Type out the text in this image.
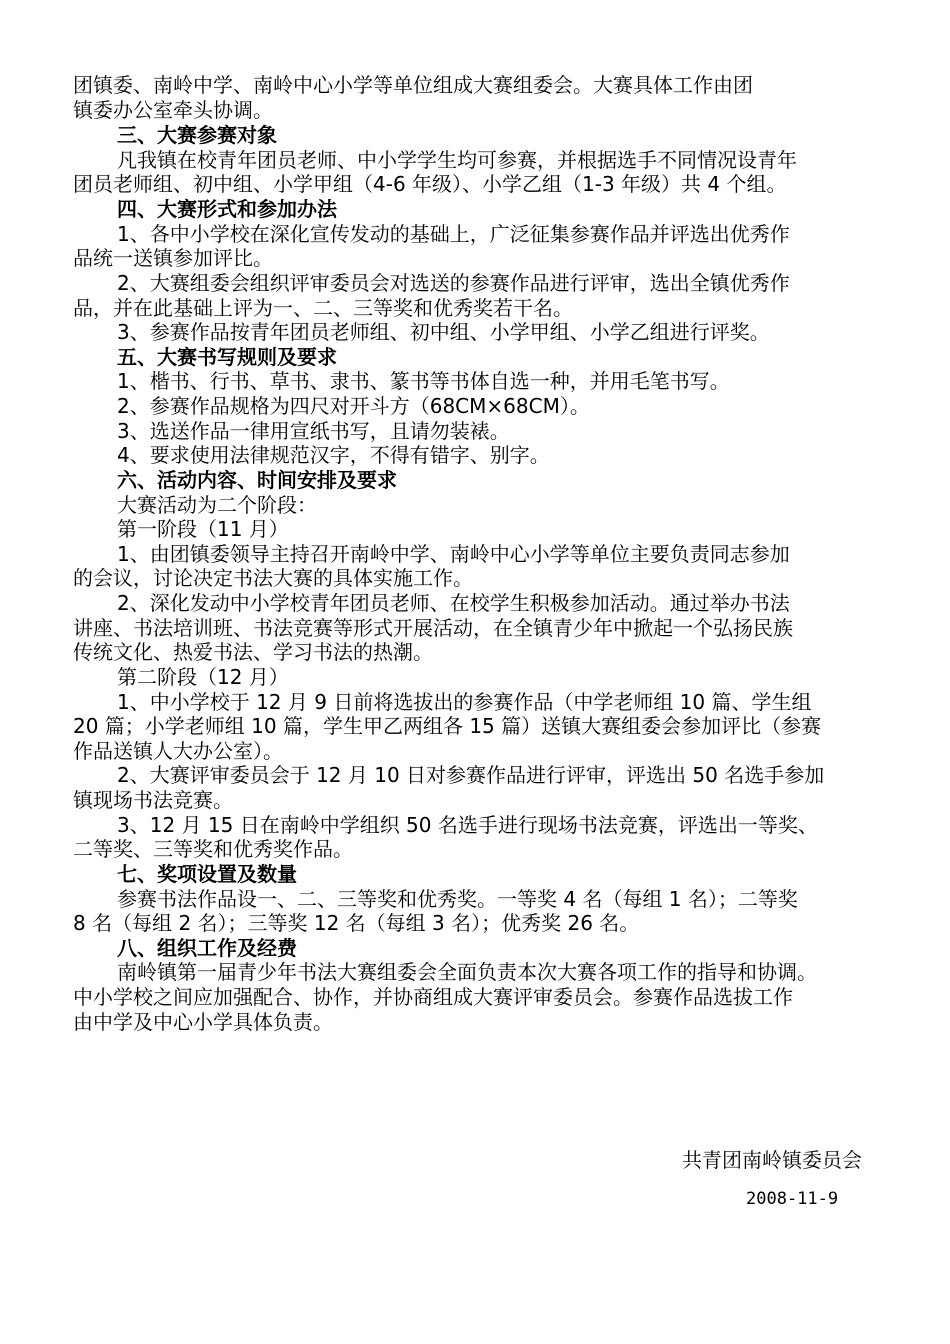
团镇委、南岭中学、南岭中心小学等单位组成大赛组委会。大赛具体工作由团
镇委办公室牵头协调。
三、大赛参赛对象
凡我镇在校青年团员老师、中小学学生均可参赛，并根据选手不同情况设青年
团员老师组、初中组、小学甲组（4-6 年级）、小学乙组（1-3 年级）共 4 个组。
四、大赛形式和参加办法
1、各中小学校在深化宣传发动的基础上，广泛征集参赛作品并评选出优秀作
品统一送镇参加评比。
2、大赛组委会组织评审委员会对选送的参赛作品进行评审，选出全镇优秀作
品，并在此基础上评为一、二、三等奖和优秀奖若干名。
3、参赛作品按青年团员老师组、初中组、小学甲组、小学乙组进行评奖。
五、大赛书写规则及要求
1、楷书、行书、草书、隶书、篆书等书体自选一种，并用毛笔书写。
2、参赛作品规格为四尺对开斗方（68CM×68CM）。
3、选送作品一律用宣纸书写，且请勿装裱。
4、要求使用法律规范汉字，不得有错字、别字。
六、活动内容、时间安排及要求
大赛活动为二个阶段：
第一阶段（11 月）
1、由团镇委领导主持召开南岭中学、南岭中心小学等单位主要负责同志参加
的会议，讨论决定书法大赛的具体实施工作。
2、深化发动中小学校青年团员老师、在校学生积极参加活动。通过举办书法
讲座、书法培训班、书法竞赛等形式开展活动，在全镇青少年中掀起一个弘扬民族
传统文化、热爱书法、学习书法的热潮。
第二阶段（12 月）
1、中小学校于 12 月 9 日前将选拔出的参赛作品（中学老师组 10 篇、学生组
20 篇；小学老师组 10 篇，学生甲乙两组各 15 篇）送镇大赛组委会参加评比（参赛
作品送镇人大办公室）。
2、大赛评审委员会于 12 月 10 日对参赛作品进行评审，评选出 50 名选手参加
镇现场书法竞赛。
3、12 月 15 日在南岭中学组织 50 名选手进行现场书法竞赛，评选出一等奖、
二等奖、三等奖和优秀奖作品。
七、奖项设置及数量
参赛书法作品设一、二、三等奖和优秀奖。一等奖 4 名（每组 1 名）；二等奖
8 名（每组 2 名）；三等奖 12 名（每组 3 名）；优秀奖 26 名。
八、组织工作及经费
南岭镇第一届青少年书法大赛组委会全面负责本次大赛各项工作的指导和协调。
中小学校之间应加强配合、协作，并协商组成大赛评审委员会。参赛作品选拔工作
由中学及中心小学具体负责。
共青团南岭镇委员会
2008-11-9
